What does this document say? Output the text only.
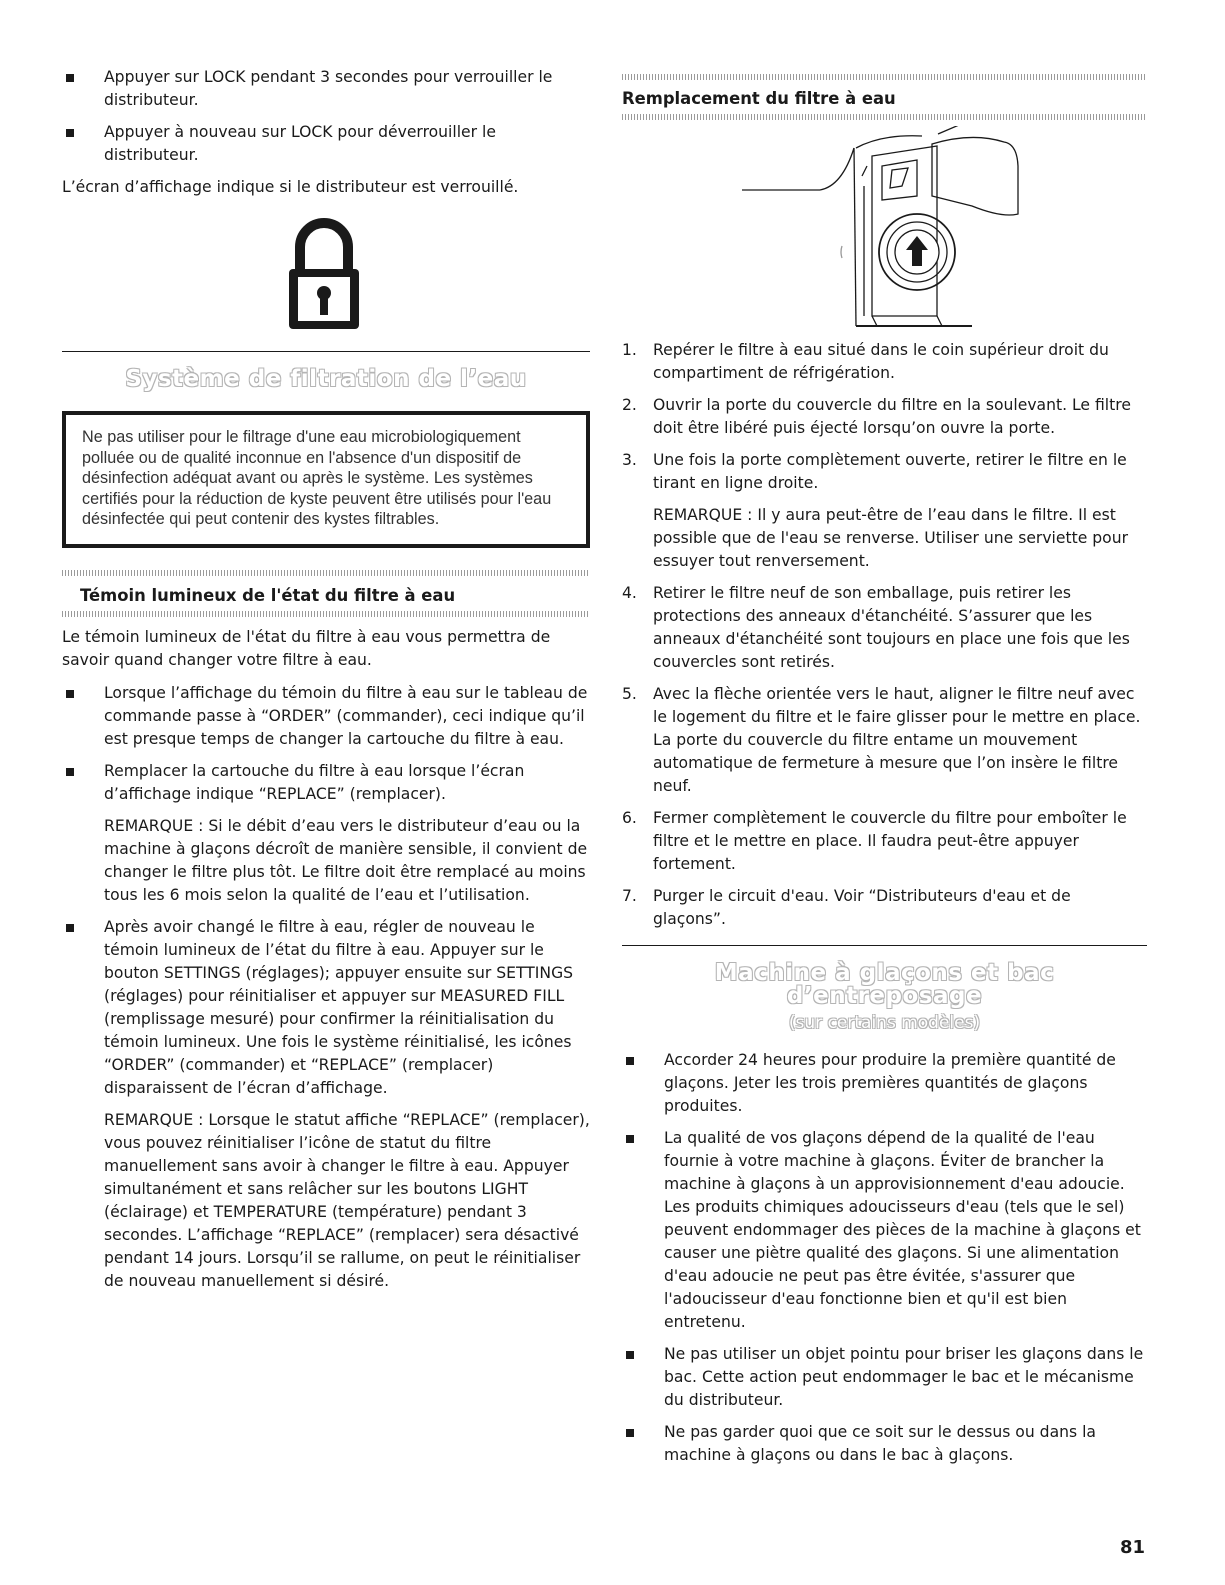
Appuyer sur LOCK pendant 3 secondes pour verrouiller le distributeur.
Appuyer à nouveau sur LOCK pour déverrouiller le distributeur.

L’écran d’affichage indique si le distributeur est verrouillé.

Système de filtration de l’eau

Ne pas utiliser pour le filtrage d'une eau microbiologiquement polluée ou de qualité inconnue en l'absence d'un dispositif de désinfection adéquat avant ou après le système. Les systèmes certifiés pour la réduction de kyste peuvent être utilisés pour l'eau désinfectée qui peut contenir des kystes filtrables.

Témoin lumineux de l'état du filtre à eau

Le témoin lumineux de l'état du filtre à eau vous permettra de savoir quand changer votre filtre à eau.

Lorsque l’affichage du témoin du filtre à eau sur le tableau de commande passe à “ORDER” (commander), ceci indique qu’il est presque temps de changer la cartouche du filtre à eau.
Remplacer la cartouche du filtre à eau lorsque l’écran d’affichage indique “REPLACE” (remplacer).

REMARQUE : Si le débit d’eau vers le distributeur d’eau ou la machine à glaçons décroît de manière sensible, il convient de changer le filtre plus tôt. Le filtre doit être remplacé au moins tous les 6 mois selon la qualité de l’eau et l’utilisation.

Après avoir changé le filtre à eau, régler de nouveau le témoin lumineux de l’état du filtre à eau. Appuyer sur le bouton SETTINGS (réglages); appuyer ensuite sur SETTINGS (réglages) pour réinitialiser et appuyer sur MEASURED FILL (remplissage mesuré) pour confirmer la réinitialisation du témoin lumineux. Une fois le système réinitialisé, les icônes “ORDER” (commander) et “REPLACE” (remplacer) disparaissent de l’écran d’affichage.

REMARQUE : Lorsque le statut affiche “REPLACE” (remplacer), vous pouvez réinitialiser l’icône de statut du filtre manuellement sans avoir à changer le filtre à eau. Appuyer simultanément et sans relâcher sur les boutons LIGHT (éclairage) et TEMPERATURE (température) pendant 3 secondes. L’affichage “REPLACE” (remplacer) sera désactivé pendant 14 jours. Lorsqu’il se rallume, on peut le réinitialiser de nouveau manuellement si désiré.

Remplacement du filtre à eau
1. Repérer le filtre à eau situé dans le coin supérieur droit du compartiment de réfrigération.
2. Ouvrir la porte du couvercle du filtre en la soulevant. Le filtre doit être libéré puis éjecté lorsqu’on ouvre la porte.
3. Une fois la porte complètement ouverte, retirer le filtre en le tirant en ligne droite.

REMARQUE : Il y aura peut-être de l’eau dans le filtre. Il est possible que de l'eau se renverse. Utiliser une serviette pour essuyer tout renversement.

4. Retirer le filtre neuf de son emballage, puis retirer les protections des anneaux d'étanchéité. S’assurer que les anneaux d'étanchéité sont toujours en place une fois que les couvercles sont retirés.
5. Avec la flèche orientée vers le haut, aligner le filtre neuf avec le logement du filtre et le faire glisser pour le mettre en place. La porte du couvercle du filtre entame un mouvement automatique de fermeture à mesure que l’on insère le filtre neuf.
6. Fermer complètement le couvercle du filtre pour emboîter le filtre et le mettre en place. Il faudra peut-être appuyer fortement.
7. Purger le circuit d'eau. Voir “Distributeurs d'eau et de glaçons”.
Machine à glaçons et bac d’entreposage

(sur certains modèles)

Accorder 24 heures pour produire la première quantité de glaçons. Jeter les trois premières quantités de glaçons produites.
La qualité de vos glaçons dépend de la qualité de l'eau fournie à votre machine à glaçons. Éviter de brancher la machine à glaçons à un approvisionnement d'eau adoucie. Les produits chimiques adoucisseurs d'eau (tels que le sel) peuvent endommager des pièces de la machine à glaçons et causer une piètre qualité des glaçons. Si une alimentation d'eau adoucie ne peut pas être évitée, s'assurer que l'adoucisseur d'eau fonctionne bien et qu'il est bien entretenu.
Ne pas utiliser un objet pointu pour briser les glaçons dans le bac. Cette action peut endommager le bac et le mécanisme du distributeur.
Ne pas garder quoi que ce soit sur le dessus ou dans la machine à glaçons ou dans le bac à glaçons.
81
